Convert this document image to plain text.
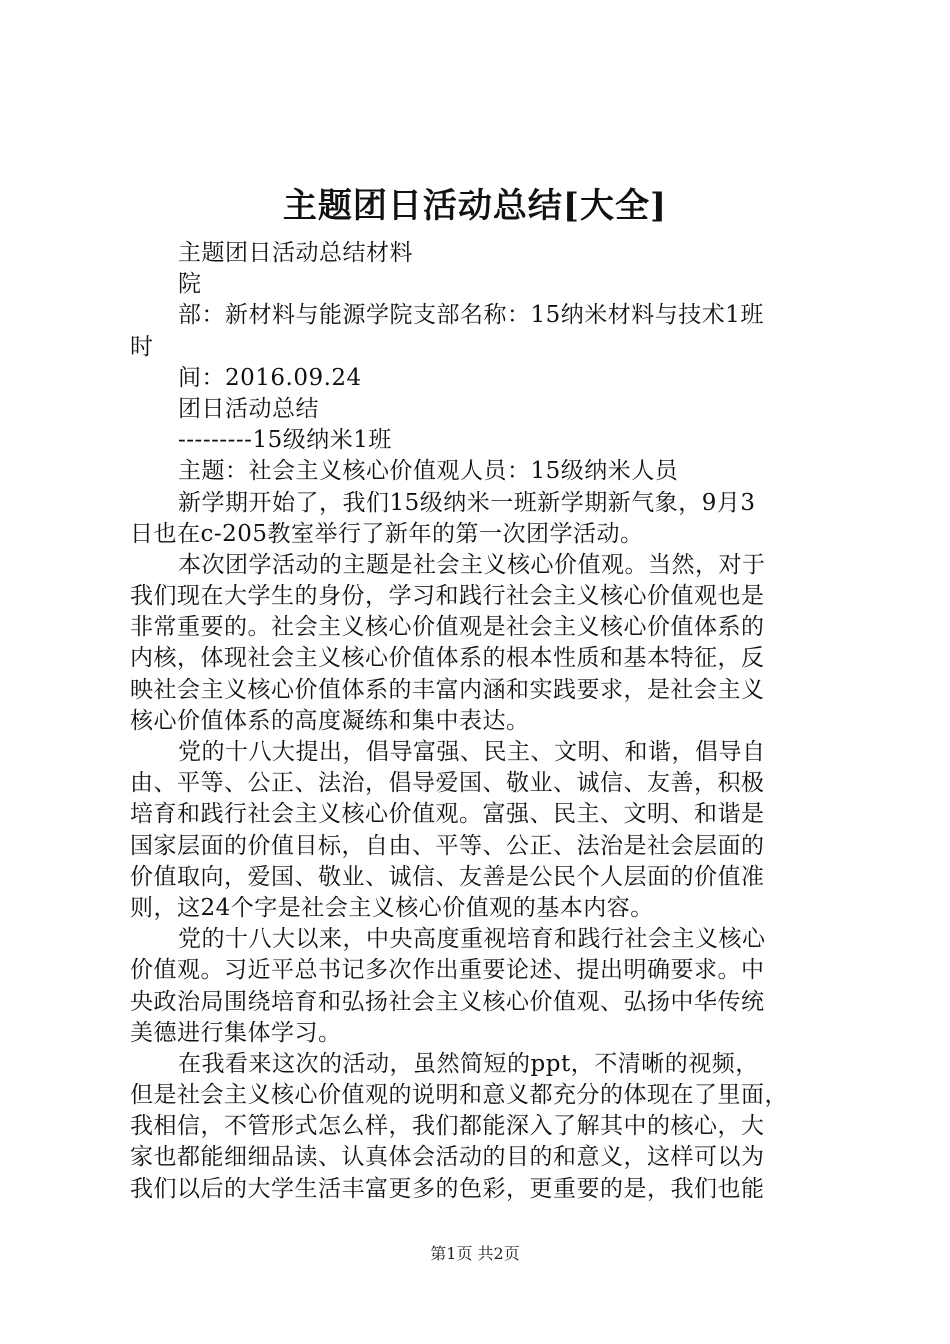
主题团日活动总结[大全]
主题团日活动总结材料
院
部：新材料与能源学院支部名称：15纳米材料与技术1班
时
间：2016.09.24
团日活动总结
---------15级纳米1班
主题：社会主义核心价值观人员：15级纳米人员
新学期开始了，我们15级纳米一班新学期新气象，9月3
日也在c-205教室举行了新年的第一次团学活动。
本次团学活动的主题是社会主义核心价值观。当然，对于
我们现在大学生的身份，学习和践行社会主义核心价值观也是
非常重要的。社会主义核心价值观是社会主义核心价值体系的
内核，体现社会主义核心价值体系的根本性质和基本特征，反
映社会主义核心价值体系的丰富内涵和实践要求，是社会主义
核心价值体系的高度凝练和集中表达。
党的十八大提出，倡导富强、民主、文明、和谐，倡导自
由、平等、公正、法治，倡导爱国、敬业、诚信、友善，积极
培育和践行社会主义核心价值观。富强、民主、文明、和谐是
国家层面的价值目标，自由、平等、公正、法治是社会层面的
价值取向，爱国、敬业、诚信、友善是公民个人层面的价值准
则，这24个字是社会主义核心价值观的基本内容。
党的十八大以来，中央高度重视培育和践行社会主义核心
价值观。习近平总书记多次作出重要论述、提出明确要求。中
央政治局围绕培育和弘扬社会主义核心价值观、弘扬中华传统
美德进行集体学习。
在我看来这次的活动，虽然简短的ppt，不清晰的视频，
但是社会主义核心价值观的说明和意义都充分的体现在了里面，
我相信，不管形式怎么样，我们都能深入了解其中的核心，大
家也都能细细品读、认真体会活动的目的和意义，这样可以为
我们以后的大学生活丰富更多的色彩，更重要的是，我们也能
第1页 共2页
